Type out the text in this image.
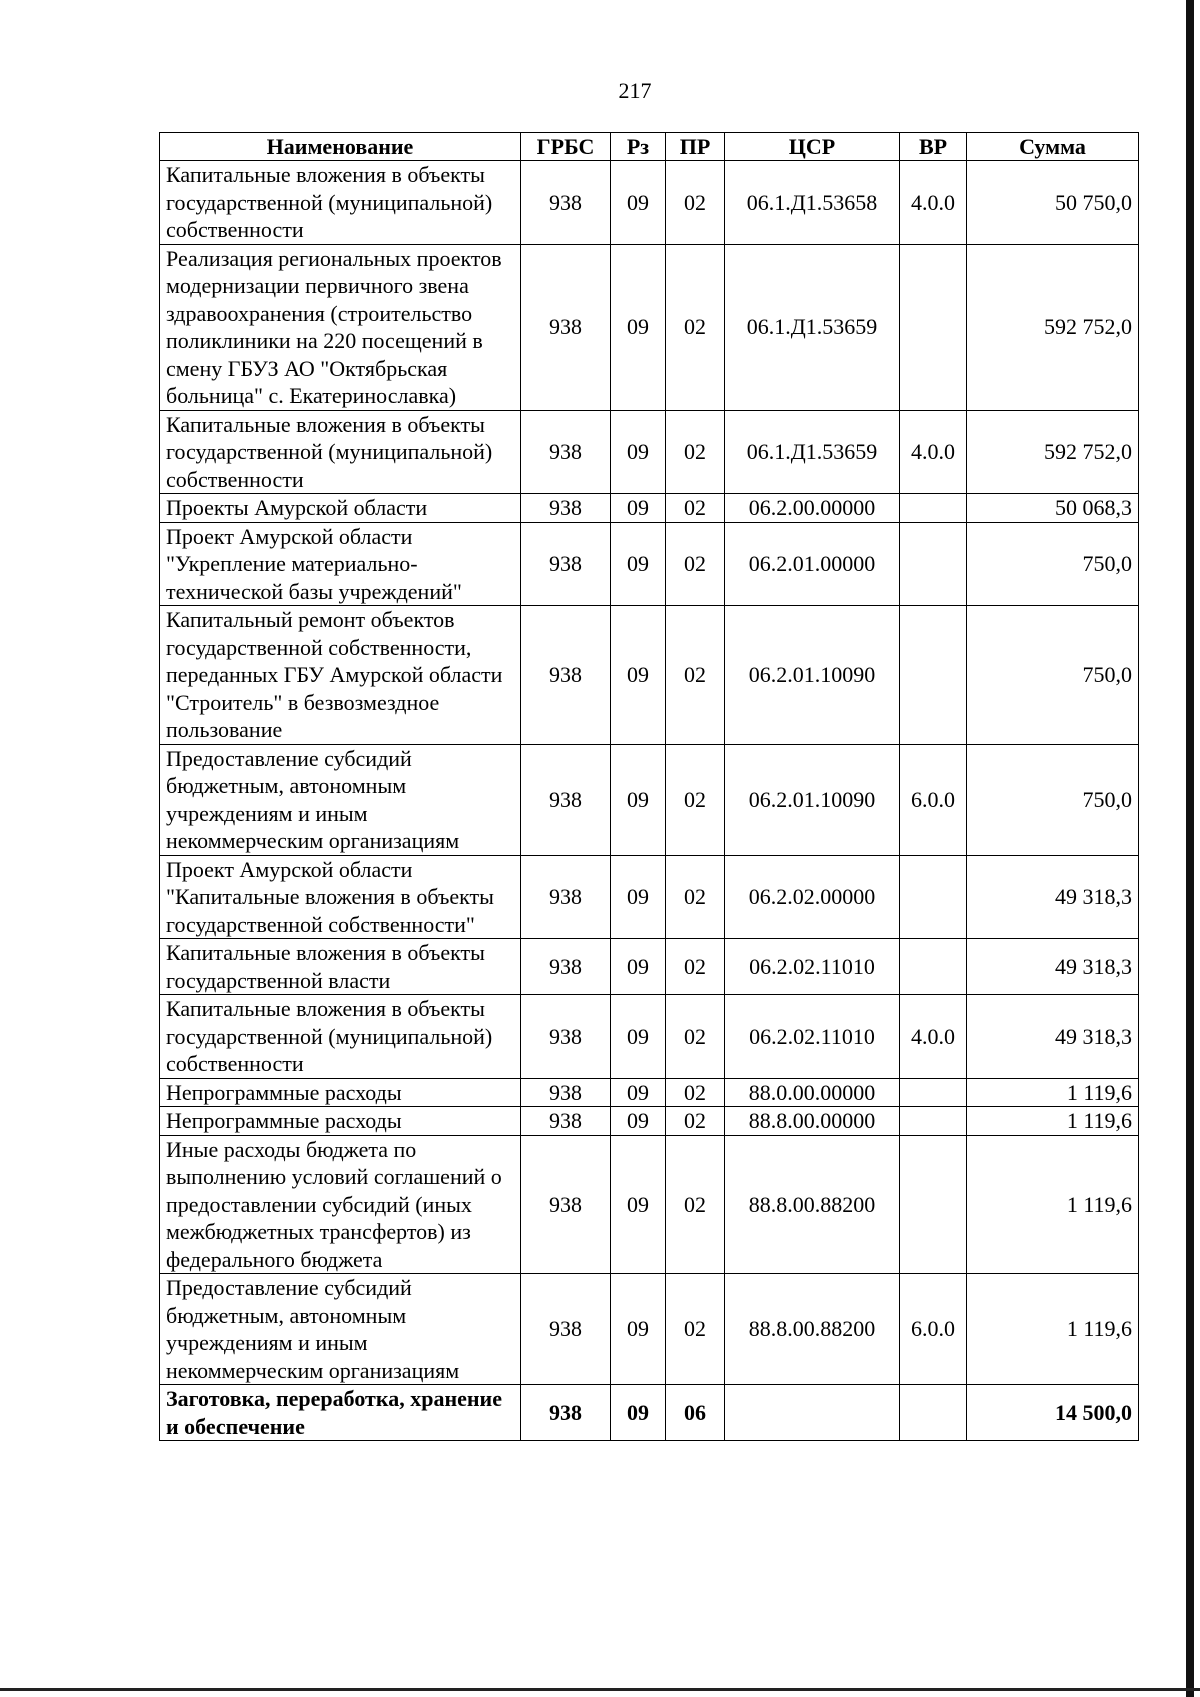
217
Наименование	ГРБС	Рз	ПР	ЦСР	ВР	Сумма
Капитальные вложения в объекты государственной (муниципальной) собственности	938	09	02	06.1.Д1.53658	4.0.0	50 750,0
Реализация региональных проектов модернизации первичного звена здравоохранения (строительство поликлиники на 220 посещений в смену ГБУЗ АО "Октябрьская больница" с. Екатеринославка)	938	09	02	06.1.Д1.53659		592 752,0
Капитальные вложения в объекты государственной (муниципальной) собственности	938	09	02	06.1.Д1.53659	4.0.0	592 752,0
Проекты Амурской области	938	09	02	06.2.00.00000		50 068,3
Проект Амурской области "Укрепление материально-технической базы учреждений"	938	09	02	06.2.01.00000		750,0
Капитальный ремонт объектов государственной собственности, переданных ГБУ Амурской области "Строитель" в безвозмездное пользование	938	09	02	06.2.01.10090		750,0
Предоставление субсидий бюджетным, автономным учреждениям и иным некоммерческим организациям	938	09	02	06.2.01.10090	6.0.0	750,0
Проект Амурской области "Капитальные вложения в объекты государственной собственности"	938	09	02	06.2.02.00000		49 318,3
Капитальные вложения в объекты государственной власти	938	09	02	06.2.02.11010		49 318,3
Капитальные вложения в объекты государственной (муниципальной) собственности	938	09	02	06.2.02.11010	4.0.0	49 318,3
Непрограммные расходы	938	09	02	88.0.00.00000		1 119,6
Непрограммные расходы	938	09	02	88.8.00.00000		1 119,6
Иные расходы бюджета по выполнению условий соглашений о предоставлении субсидий (иных межбюджетных трансфертов) из федерального бюджета	938	09	02	88.8.00.88200		1 119,6
Предоставление субсидий бюджетным, автономным учреждениям и иным некоммерческим организациям	938	09	02	88.8.00.88200	6.0.0	1 119,6
Заготовка, переработка, хранение и обеспечение	938	09	06			14 500,0
